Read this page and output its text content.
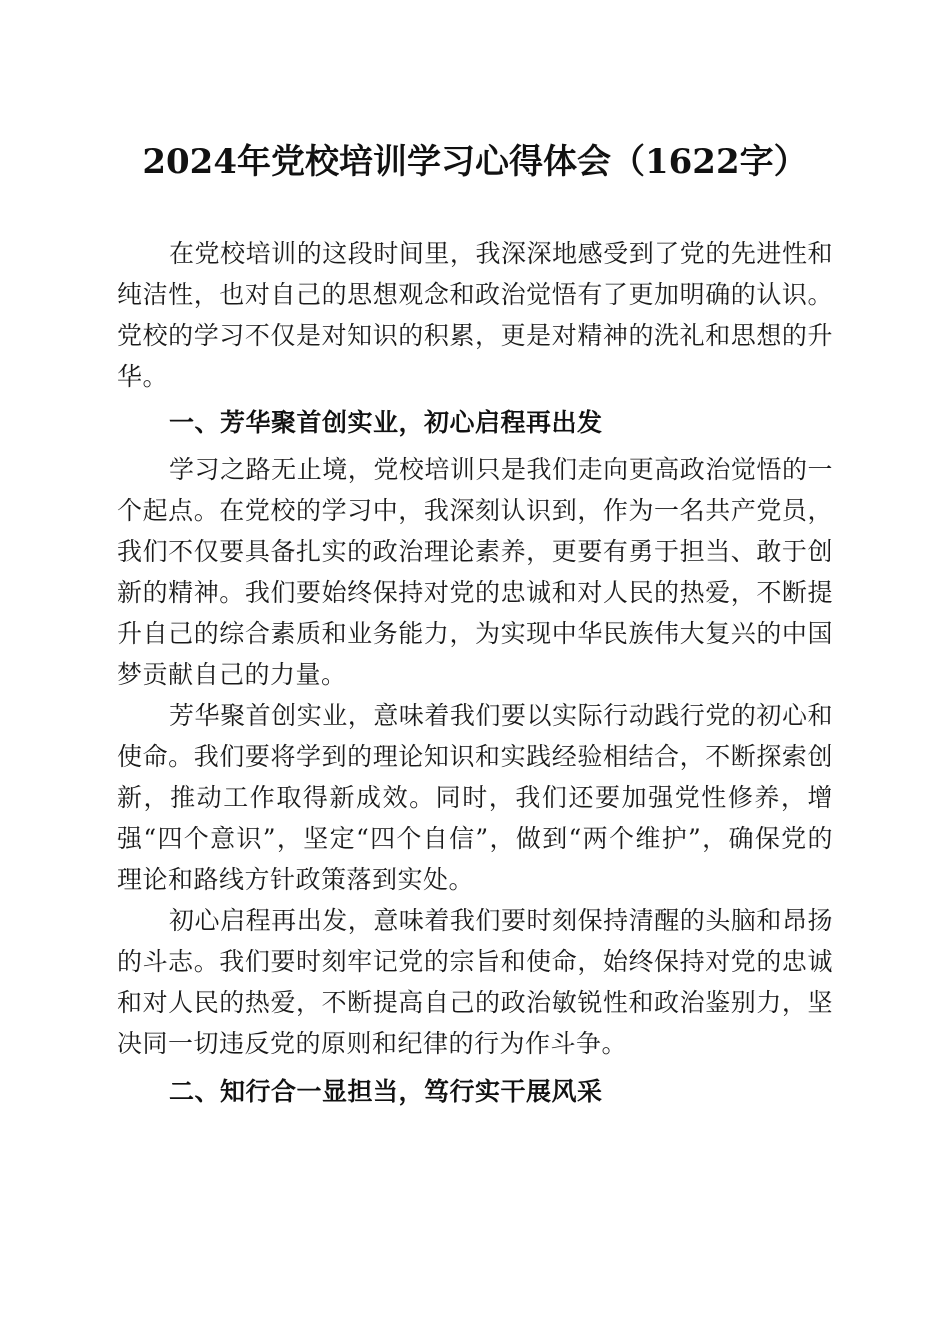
2024年党校培训学习心得体会（1622字）

在党校培训的这段时间里，我深深地感受到了党的先进性和纯洁性，也对自己的思想观念和政治觉悟有了更加明确的认识。党校的学习不仅是对知识的积累，更是对精神的洗礼和思想的升华。

一、芳华聚首创实业，初心启程再出发

学习之路无止境，党校培训只是我们走向更高政治觉悟的一个起点。在党校的学习中，我深刻认识到，作为一名共产党员，我们不仅要具备扎实的政治理论素养，更要有勇于担当、敢于创新的精神。我们要始终保持对党的忠诚和对人民的热爱，不断提升自己的综合素质和业务能力，为实现中华民族伟大复兴的中国梦贡献自己的力量。

芳华聚首创实业，意味着我们要以实际行动践行党的初心和使命。我们要将学到的理论知识和实践经验相结合，不断探索创新，推动工作取得新成效。同时，我们还要加强党性修养，增强“四个意识”，坚定“四个自信”，做到“两个维护”，确保党的理论和路线方针政策落到实处。

初心启程再出发，意味着我们要时刻保持清醒的头脑和昂扬的斗志。我们要时刻牢记党的宗旨和使命，始终保持对党的忠诚和对人民的热爱，不断提高自己的政治敏锐性和政治鉴别力，坚决同一切违反党的原则和纪律的行为作斗争。

二、知行合一显担当，笃行实干展风采
